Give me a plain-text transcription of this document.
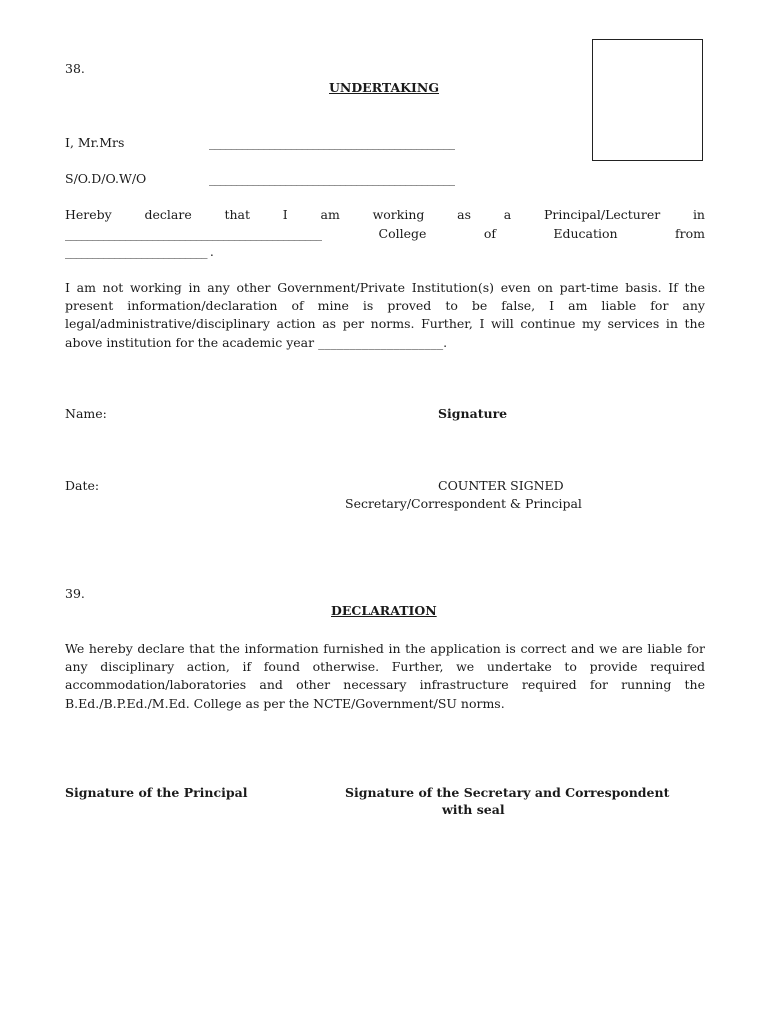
38.
UNDERTAKING
I, Mr.Mrs	_____________________________________________
S/O.D/O.W/O	_____________________________________________
Hereby	declare	that	I	am	working	as	a	Principal/Lecturer	in
_______________________________________________	College	of	Education	from
__________________________ .
I am not working in any other Government/Private Institution(s) even on part-time basis. If the present information/declaration of mine is proved to be false, I am liable for any legal/administrative/disciplinary action as per norms. Further, I will continue my services in the above institution for the academic year ____________________.
Name:	Signature
Date:	COUNTER SIGNED
Secretary/Correspondent & Principal
39.
DECLARATION
We hereby declare that the information furnished in the application is correct and we are liable for any disciplinary action, if found otherwise. Further, we undertake to provide required accommodation/laboratories and other necessary infrastructure required for running the B.Ed./B.P.Ed./M.Ed. College as per the NCTE/Government/SU norms.
Signature of the Principal	Signature of the Secretary and Correspondent
with seal
